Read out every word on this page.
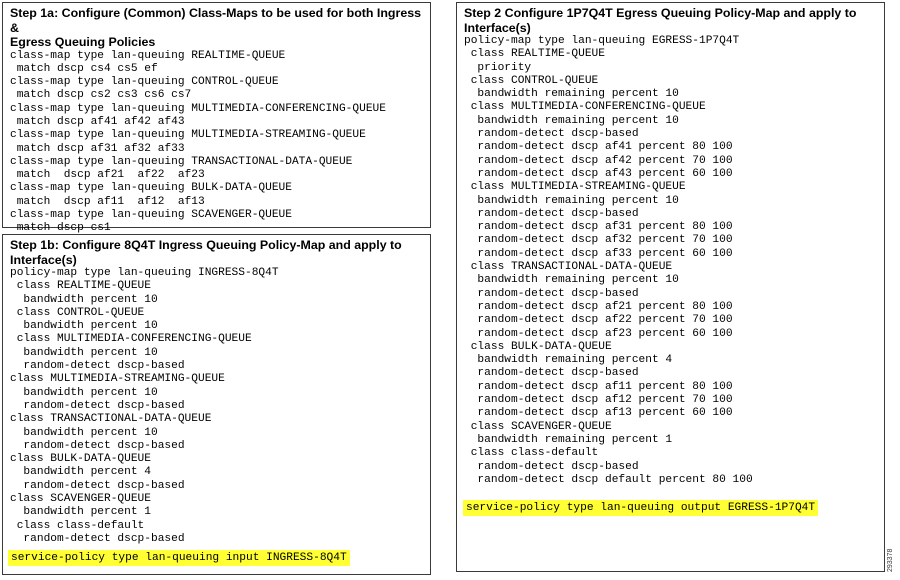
Step 1a: Configure (Common) Class-Maps to be used for both Ingress &
Egress Queuing Policies
class-map type lan-queuing REALTIME-QUEUE
match dscp cs4 cs5 ef
class-map type lan-queuing CONTROL-QUEUE
match dscp cs2 cs3 cs6 cs7
class-map type lan-queuing MULTIMEDIA-CONFERENCING-QUEUE
match dscp af41 af42 af43
class-map type lan-queuing MULTIMEDIA-STREAMING-QUEUE
match dscp af31 af32 af33
class-map type lan-queuing TRANSACTIONAL-DATA-QUEUE
match  dscp af21  af22  af23
class-map type lan-queuing BULK-DATA-QUEUE
match  dscp af11  af12  af13
class-map type lan-queuing SCAVENGER-QUEUE
match dscp cs1
Step 1b: Configure 8Q4T Ingress Queuing Policy-Map and apply to
Interface(s)
policy-map type lan-queuing INGRESS-8Q4T
class REALTIME-QUEUE
bandwidth percent 10
class CONTROL-QUEUE
bandwidth percent 10
class MULTIMEDIA-CONFERENCING-QUEUE
bandwidth percent 10
random-detect dscp-based
class MULTIMEDIA-STREAMING-QUEUE
bandwidth percent 10
random-detect dscp-based
class TRANSACTIONAL-DATA-QUEUE
bandwidth percent 10
random-detect dscp-based
class BULK-DATA-QUEUE
bandwidth percent 4
random-detect dscp-based
class SCAVENGER-QUEUE
bandwidth percent 1
class class-default
random-detect dscp-based
Step 2 Configure 1P7Q4T Egress Queuing Policy-Map and apply to
Interface(s)
policy-map type lan-queuing EGRESS-1P7Q4T
class REALTIME-QUEUE
priority
class CONTROL-QUEUE
bandwidth remaining percent 10
class MULTIMEDIA-CONFERENCING-QUEUE
bandwidth remaining percent 10
random-detect dscp-based
random-detect dscp af41 percent 80 100
random-detect dscp af42 percent 70 100
random-detect dscp af43 percent 60 100
class MULTIMEDIA-STREAMING-QUEUE
bandwidth remaining percent 10
random-detect dscp-based
random-detect dscp af31 percent 80 100
random-detect dscp af32 percent 70 100
random-detect dscp af33 percent 60 100
class TRANSACTIONAL-DATA-QUEUE
bandwidth remaining percent 10
random-detect dscp-based
random-detect dscp af21 percent 80 100
random-detect dscp af22 percent 70 100
random-detect dscp af23 percent 60 100
class BULK-DATA-QUEUE
bandwidth remaining percent 4
random-detect dscp-based
random-detect dscp af11 percent 80 100
random-detect dscp af12 percent 70 100
random-detect dscp af13 percent 60 100
class SCAVENGER-QUEUE
bandwidth remaining percent 1
class class-default
random-detect dscp-based
random-detect dscp default percent 80 100
service-policy type lan-queuing input INGRESS-8Q4T
service-policy type lan-queuing output EGRESS-1P7Q4T
293378
